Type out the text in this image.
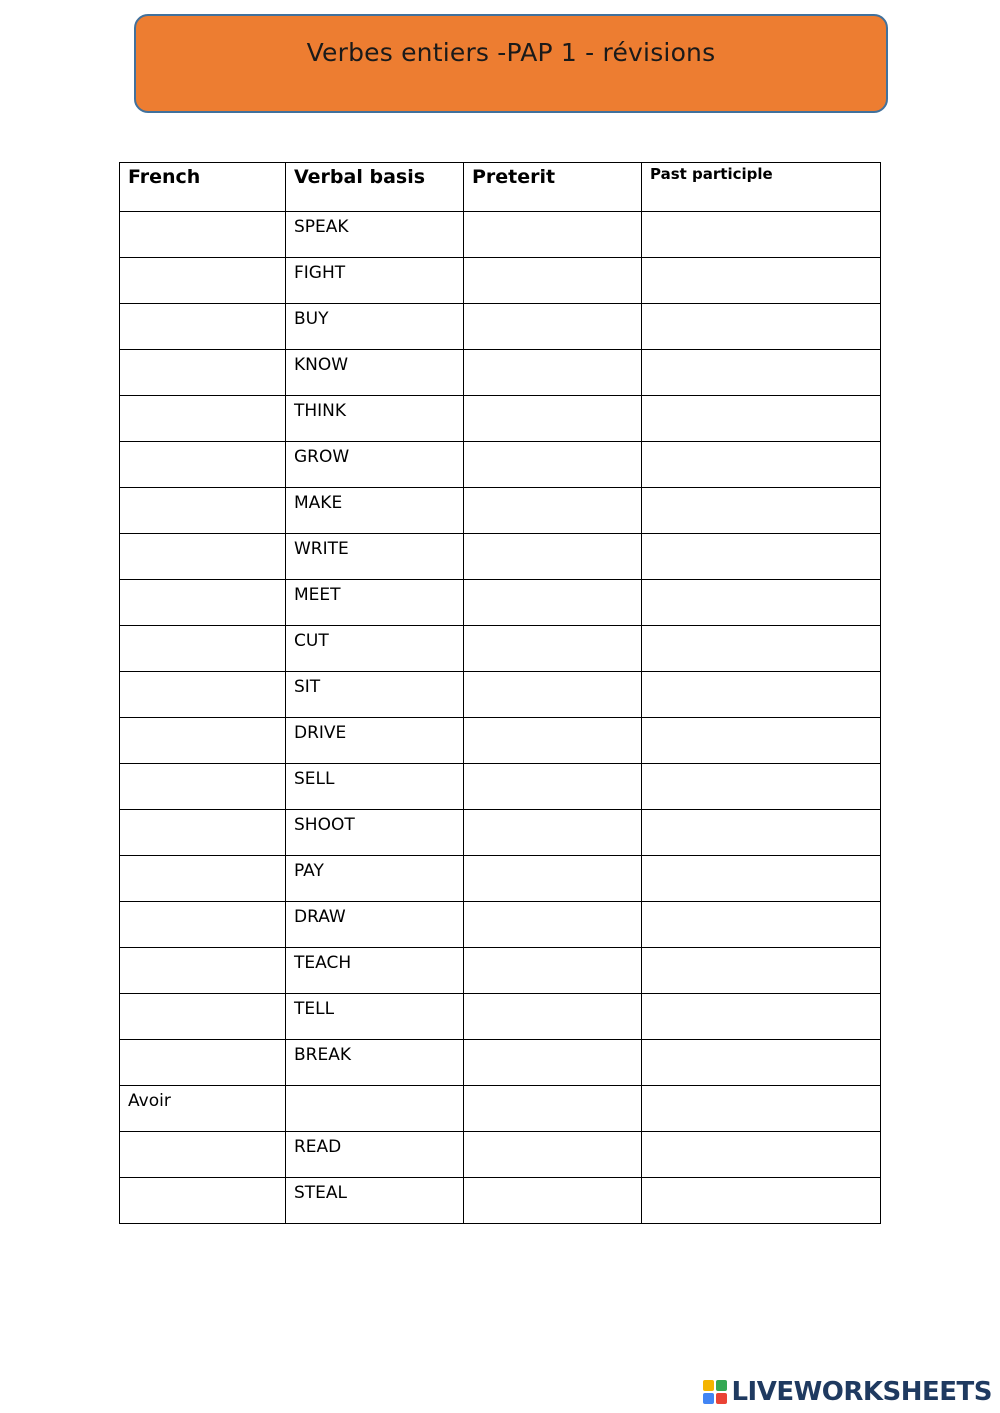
Verbes entiers -PAP 1 - révisions
French	Verbal basis	Preterit	Past participle
	SPEAK		
	FIGHT		
	BUY		
	KNOW		
	THINK		
	GROW		
	MAKE		
	WRITE		
	MEET		
	CUT		
	SIT		
	DRIVE		
	SELL		
	SHOOT		
	PAY		
	DRAW		
	TEACH		
	TELL		
	BREAK		
Avoir			
	READ		
	STEAL		
LIVEWORKSHEETS
